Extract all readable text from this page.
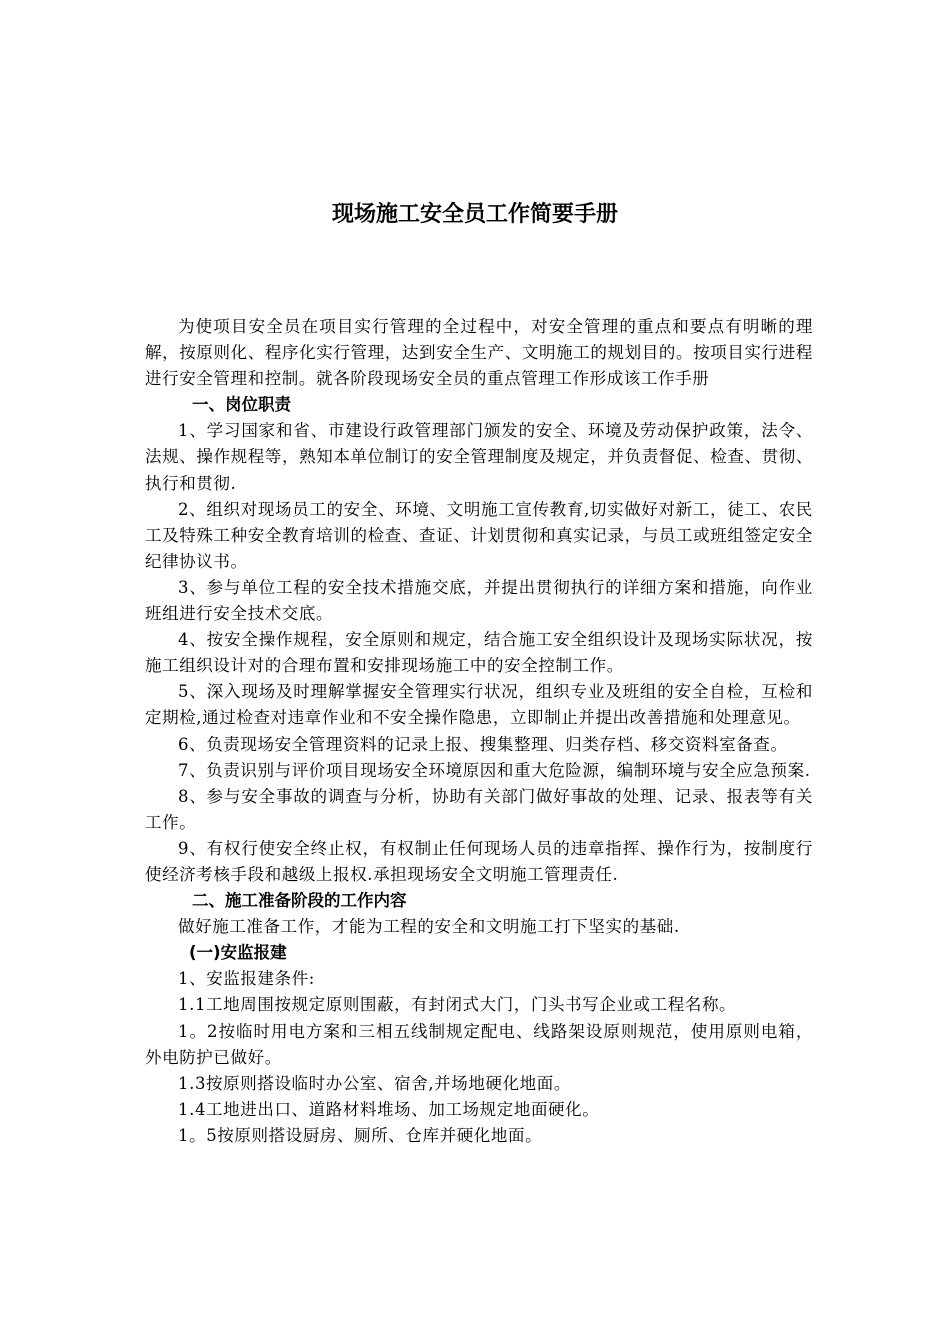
现场施工安全员工作简要手册

为使项目安全员在项目实行管理的全过程中，对安全管理的重点和要点有明晰的理解，按原则化、程序化实行管理，达到安全生产、文明施工的规划目的。按项目实行进程进行安全管理和控制。就各阶段现场安全员的重点管理工作形成该工作手册

一、岗位职责

1、学习国家和省、市建设行政管理部门颁发的安全、环境及劳动保护政策，法令、法规、操作规程等，熟知本单位制订的安全管理制度及规定，并负责督促、检查、贯彻、执行和贯彻.

2、组织对现场员工的安全、环境、文明施工宣传教育,切实做好对新工，徒工、农民工及特殊工种安全教育培训的检查、查证、计划贯彻和真实记录，与员工或班组签定安全纪律协议书。

3、参与单位工程的安全技术措施交底，并提出贯彻执行的详细方案和措施，向作业班组进行安全技术交底。

4、按安全操作规程，安全原则和规定，结合施工安全组织设计及现场实际状况，按施工组织设计对的合理布置和安排现场施工中的安全控制工作。

5、深入现场及时理解掌握安全管理实行状况，组织专业及班组的安全自检，互检和定期检,通过检查对违章作业和不安全操作隐患，立即制止并提出改善措施和处理意见。

6、负责现场安全管理资料的记录上报、搜集整理、归类存档、移交资料室备查。

7、负责识别与评价项目现场安全环境原因和重大危险源，编制环境与安全应急预案.

8、参与安全事故的调查与分析，协助有关部门做好事故的处理、记录、报表等有关工作。

9、有权行使安全终止权，有权制止任何现场人员的违章指挥、操作行为，按制度行使经济考核手段和越级上报权.承担现场安全文明施工管理责任.

二、施工准备阶段的工作内容

做好施工准备工作，才能为工程的安全和文明施工打下坚实的基础.

(一)安监报建

1、安监报建条件:

1.1工地周围按规定原则围蔽，有封闭式大门，门头书写企业或工程名称。

1。2按临时用电方案和三相五线制规定配电、线路架设原则规范，使用原则电箱，外电防护已做好。

1.3按原则搭设临时办公室、宿舍,并场地硬化地面。

1.4工地进出口、道路材料堆场、加工场规定地面硬化。

1。5按原则搭设厨房、厕所、仓库并硬化地面。
